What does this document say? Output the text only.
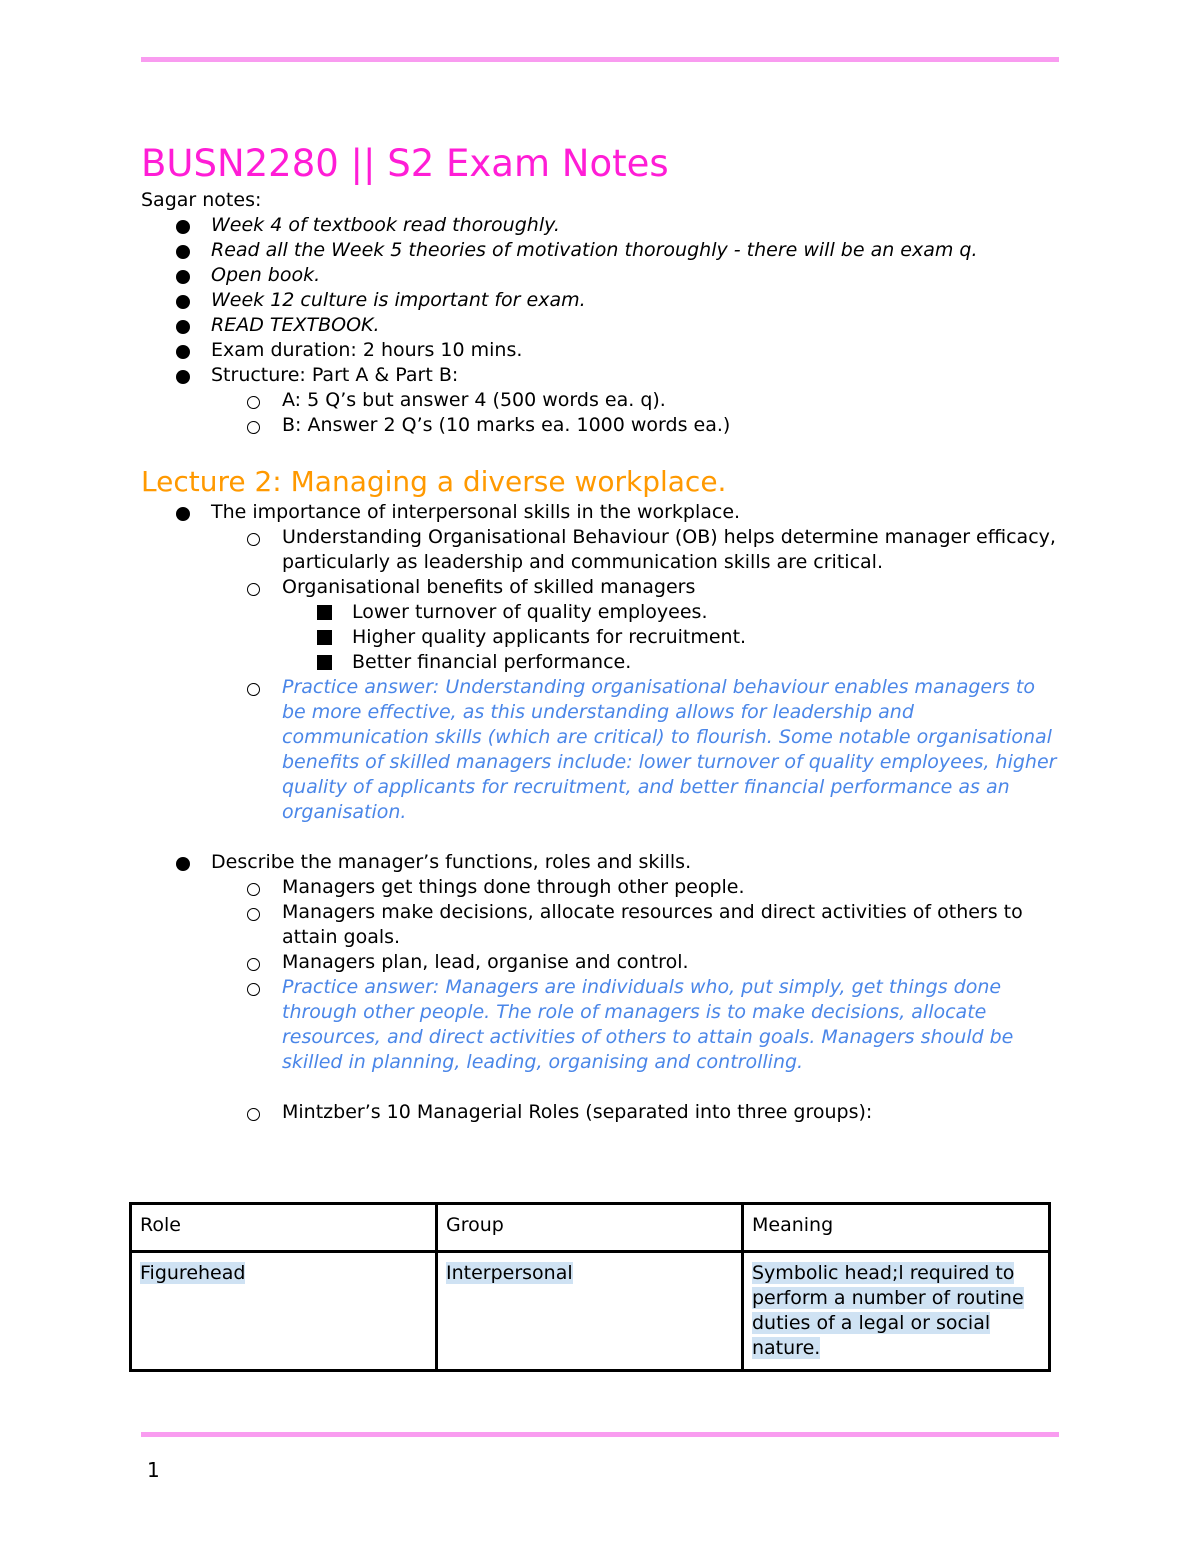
BUSN2280 || S2 Exam Notes
Sagar notes:
Week 4 of textbook read thoroughly.
Read all the Week 5 theories of motivation thoroughly - there will be an exam q.
Open book.
Week 12 culture is important for exam.
READ TEXTBOOK.
Exam duration: 2 hours 10 mins.
Structure: Part A & Part B:
A: 5 Q’s but answer 4 (500 words ea. q).
B: Answer 2 Q’s (10 marks ea. 1000 words ea.)
Lecture 2: Managing a diverse workplace.
The importance of interpersonal skills in the workplace.
Understanding Organisational Behaviour (OB) helps determine manager efficacy, particularly as leadership and communication skills are critical.
Organisational benefits of skilled managers
Lower turnover of quality employees.
Higher quality applicants for recruitment.
Better financial performance.
Practice answer: Understanding organisational behaviour enables managers to be more effective, as this understanding allows for leadership and communication skills (which are critical) to flourish. Some notable organisational benefits of skilled managers include: lower turnover of quality employees, higher quality of applicants for recruitment, and better financial performance as an organisation.
Describe the manager’s functions, roles and skills.
Managers get things done through other people.
Managers make decisions, allocate resources and direct activities of others to attain goals.
Managers plan, lead, organise and control.
Practice answer: Managers are individuals who, put simply, get things done through other people. The role of managers is to make decisions, allocate resources, and direct activities of others to attain goals. Managers should be skilled in planning, leading, organising and controlling.
Mintzber’s 10 Managerial Roles (separated into three groups):
Role	Group	Meaning
Figurehead	Interpersonal	Symbolic head;l required to perform a number of routine duties of a legal or social nature.
1
